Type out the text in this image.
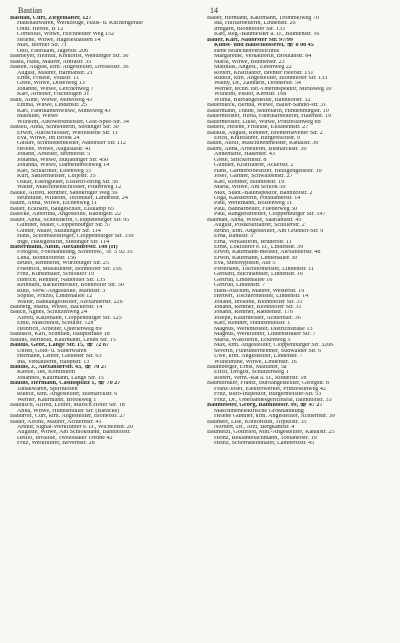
Bastian	14
Bastian, Curt, Ziegelhalter, 127
Haushaltwaren, Werkzeuge, Haus- u. Küchengeräte
Ohm. Hersfe, B 12
Cornelius, Witwe, Hochheider Weg 152
Helene, Witwe, Hageleshausen 14
Max, Bremer Str. 71
Otto, Fabrikant, Jägerstr. 206
Basmeyer, Helmut, Kontorist, Wehdinger Str. 56
Basta, Hans, Maurer, Antrastr. 35
Basten, August, kfm. Angestellter, Drosselstr. 36
August, Maurer, Harmanstr. 21
Ernst, Friseur, Volkstr. 11
Grete, Witwe, Distelweg 13
Johanne, Witwe, Lerchenweg 7
Karl, Arbeiter, Fischbogen 31
Bath, Aline, Witwe, Mittelweg 43
Emma, Witwe, Lindenstr. 25
Karl, Fabrikantenwitwe, Mittelweg 43
Mathilde, Witwe
Wilhelm, Autowerkmeister, Graf-Spee-Str. 34
Batsell, Anna, Schneiderin, Stedinger Str. 30
Erwin, Autoschlosser, Wiefelstede Str. 11
Eva, Witwe, Im Brook 24
Gustav, Schmiedemeister, Nadorster Str. 112
Helene, Witwe, Augustastr. 41
Johann, Arbeiter, Bremerstr. 5
Johanna, Witwe, Butjadinger Str. 450
Johanna, Witwe, Dannenbrechweg 14
Karl, Schlachter, Eibenweg 55
Kurt, Sattlermeister, Lütjestr. 35
Oskar, Eisengießer, Elsfleth-Bring Str. 56
Walter, Maschinenschlosser, Plütenweg 12
Bauke, Alfred, Rentner, Sandkruger Weg 56
Brunhilde, Wilhelm, Techniker, Landesstr. 24
Baum, Anna, Witwe, Eichenweg 11
Bauer, Eckhard, Baugeschäft, Ellikamp 65
Bäsicke, Albertina, Angestellte, Rädingstr. 22
Bauer, Anna, Schneiderin, Cloppenburger Str. 95
Gunther, Maler, Cloppenburger Str. 37
Günter, Maler, Staudinger Str. 114
Hans, Schornsteinfeger, Cloppenburger Str. 339
Inge, Hausgehilfin, Stedinger Str. 114
Battermann, Albin, Alexanderstr. 148 (H)
Fotograf, Fotohandlung, Schreibw., ☏ 5 92 35
Lena, Bohnhoferstr. 156
Bruno, Rentnerin, Würzburger Str. 25
Friedrich, Musiklehrer, Bohnhöfer Str. 156
Fritz, Kunstmaler, Schloßtor 19
Hinrich, Rentner, Nadorster Str. 135
Reinhard, Bäckermeister, Bohnhöfer Str. 50
Ruth, Verw.-Angestellte, Marktstr. 3
Sophie, Pritzel, Lindenallee 12
Walter, Bankangestellter, Alexanderstr. 226
Bauberg, Marta, Witwe, Bäckerstr. 14
Bauch, Agnes, Schützenweg 24
Alfred, Kaufmann, Cloppenburger Str. 125
Emil, Maschinist, Schulstr. 12b
Heinrich, Arbeiter, Querlenweg 89
Baudach, Karl, Schmied, Hauptstraße 18
Baudis, Berthold, Kaufmann, Lehen Str. 15
Baudis, Gebr., Lange Str. 15, ☏ 72 87
Uhren, Gold- u. Silberwaren
Hermann, Lehrer, Gießener Str. 63
Ina, Verkäuferin, Hauptstr. 13
Baudis, J., Alexanderstr. 43, ☏ 70 27
Kaffee, Tee, Konfitüren
Johannes, Kaufmann, Lange Str. 15
Baudis, Hermann, Casinoplatz 1, ☏ 70 27
Tabakwaren, Spirituosen
Rudolf, kfm. Angestellter, Bismarckstr. 6
Werner, Kaufmann, Brookweg 1
Baudisch, Alfred, Lehrer, Marsch Hofer Str. 18
Anna, Witwe, Hundsmüller Str. (Baracke)
Baudroff, Curt, kfm. Angestellter, Bloherstr. 27
Bauer, Alfons, Maurer, Achternstr. 41
Arthur, Signal-Werkführer e. D., Wichelnstr. 20
Auguste, Witwe, Am Schlokstand, Bahnhofstr.
Detlef, Invalide, Tweelbäker Tredde 42
Fritz, Werkführer, Bevernstr. 28
Bauer, Hermann, Kaufmann, Trommelweg 70
Ida, Hilfsarbeiterin, Lindenstr. 26
Irmgard, Blohnhöfer Str. 133
Karl, Reg.-Baumeister a. D., Blumenstr. 16
Bauer, Karl, Nadorster Str. 97/99
Kunst- und Bauschlosserei, ☏ 8 08 45
siehe Branchenverzeichnis
Margarethe, Verkäuferin, Broulanstr. 84
Maria, Witwe, Blumenstr. 23
Matthias, Angest., Elbenweg 22
Robert, Kraftfahrer, Bremer Heerstr. 151
Rudolf, kfm. Angestellter, Blohnhöfer Str. 133
Waldy, Dr., Zahnarzt, Donnerstr. 54
Werner, techn. Bb.-Oberinspektor, Mirusweg 10
Wilhelm, Pastor, Kernstr. 168
Wilma, Büroangestellte, Bahnhofstr. 12
Bauerdieck, Bertha, Witwe, Baller-Sandel-str. 31
Bauermann, Traute, Sekretärin, Hindenburgstr. 10
Bauermeister, Herta, Fabrikarbeiterin, Hafenstr. 19
Bauermeister, Luise, Witwe, Prinzessinweg 88
Bauers, Helene, Friseuse, Elisabethstr. 27
Baukus, August, Rentner, Bremerhavener Str. 2
Erich, Kraftfahrer, Bürgereschstr. 9
Baum, Adolf, Maschinenmeister, Kanalstr. 30
Baum, Anna, Arbeiterin, Bismarckstr. 30
Annemarie, Hakenstr. 43
Grete, Strickerinstr. 8
Gunther, Kraftfahrer, Ackerstr. 2
Hans, Gärtnereibesitzer, Heiligengeiststr. 10
Josef, Gärtner, Schwalbenstr. 27
Karl, Rentner, Blumenstr. 19
Maria, Witwe, Am Schloß 50
Max, Stadt.-Bauinspektor, Bahnhofstr. 2
Olga, Kassiererin, Potsdamerstr. 14
Paul, Werkmann, Bolzenweg 11
Paul, Bahnarbeiter, Fliederweg 50
Paul, Rangierarbeiter, Cloppenburger Str. 147
Bauman, Anna, Witwe, Saarlandstr. 45
August, Postkraftfahrer, Schillerstr. 2
Bruno, kfm. Angestellter, Am Grünhof-Str. 9
Erna, Bankstr. 5
Erna, Verkäuferin, Bruderstr. 11
Ernst, Lokführer e. D., Lindenstr. 39
Erwin, Kaufmann-meister, Alexanderstr. 48
Erwin, Kaufmann, Lindenallee 39
Eva, Stenotypistin, Auf 5
Ferdinand, Tischlermeister, Lindenstr. 11
Gerhard, Buchhändler, Lindenstr. 16
Gertrud, Lindenallee 16
Gertrud, Lindenstr. 7
Hans-Joachim, Maurer, Westerstr. 19
Herbert, Tischlermeister, Lindenstr. 14
Johann, Invalide, Blohnhöfer Str. 31
Johann, Rentner, Blohnhöfer Str. 31
Johann, Rentner, Raddenstr. 176
Joseph, Kaufmeister, Achternstr. 36
Karl, Rentner, Hundsmühlstr. 1
Magnus, Werkmeister, Dietrichstraße 13
Magnus, Werkführer, Lindenstraßer Str. 7
Maria, Wäscherin, Eckenweg 5
Max, kfm. Angestellter, Cloppenburger Str. 3206
Severin, Fuhrunternehmer, Sudwalder Str. 6
Uwe, kfm. Angestellter, Lindenstr. 7
Wilhelmine, Witwe, Lindenstr. 16
Baumberger, Ernst, Maltuner, 5a
Erich, Drogist, Schützenweg 1
Robert, Verm.-Rat a. D., Ridderstr. 18
Baumbruker, Frantz, Büroangestellter, Georgstr. 8
Franz-Josef, Elektrowerker, Prinzessinweg 42
Fritz, Büro-Inspektor, Bürgermeister-Str. 53
Fritz, Dr., Oberlandesgerichtsrat, Bahnhofstr. 33
Baumeister, Georg, Bahnhofstr. 99, ☏ 47 27
Maschinenelektrische Großhandlung
Helene Günther, kfm. Angestellter, Achternstr. 39
Baumert, Lise, Kontoristin, Tirpitzstr. 35
Norbert, Dr., Arzt, Bergkamstr. 4
Baumetzl, Gottfried, Min.-Angestellter, Kanalstr. 25
Heinz, Reklamefachmann, Tobianerstr. 19
Heinz, Schornsteinmaler, Lambertistr. 45
